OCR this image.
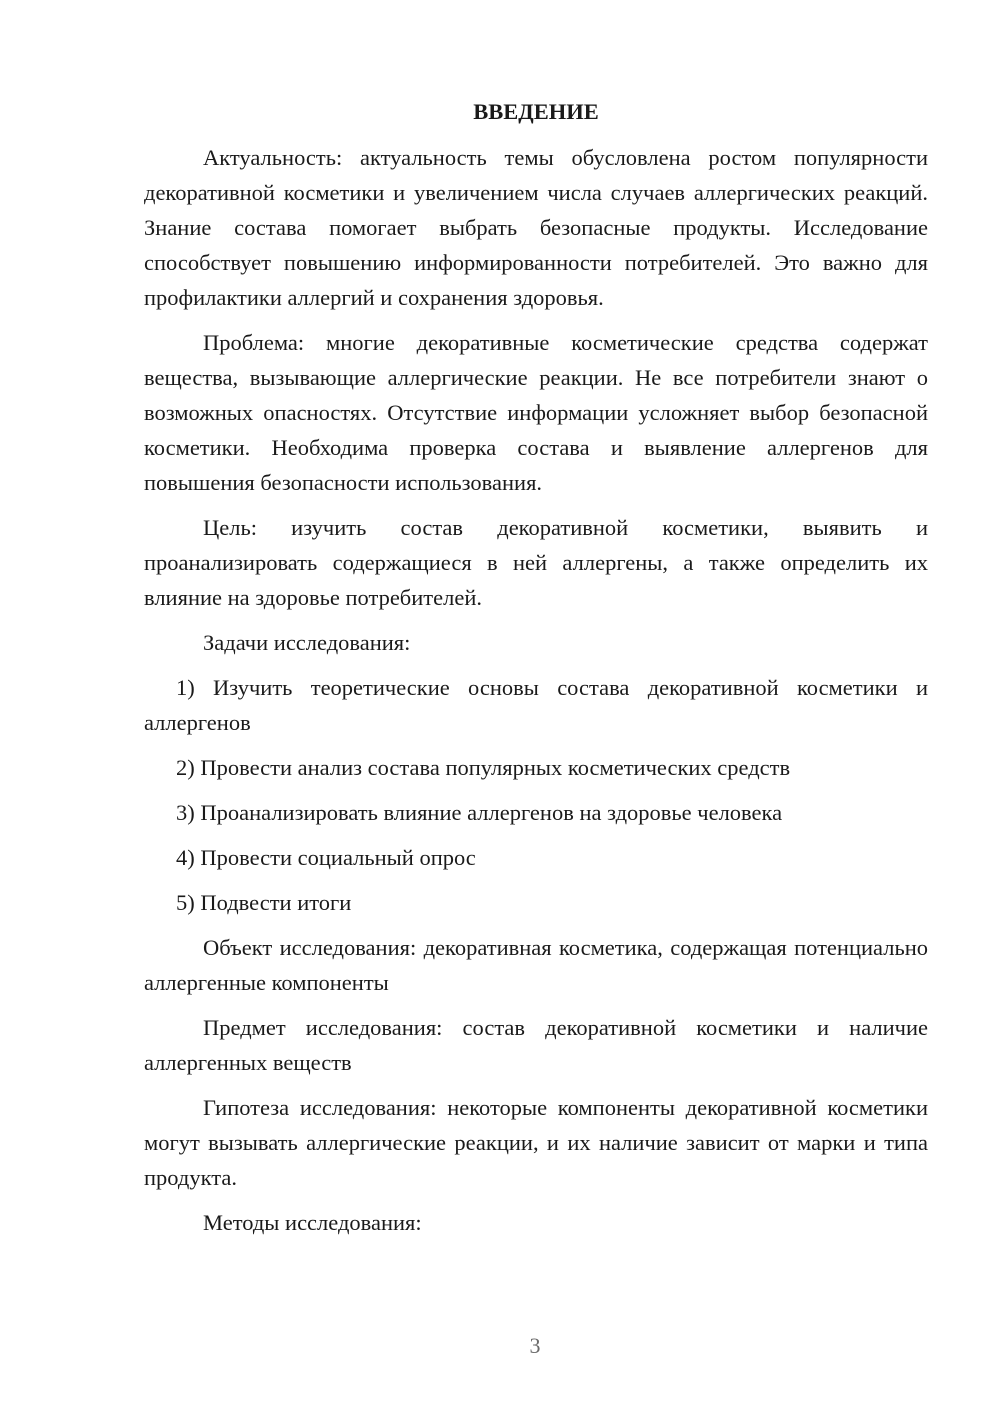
ВВЕДЕНИЕ

Актуальность: актуальность темы обусловлена ростом популярности декоративной косметики и увеличением числа случаев аллергических реакций. Знание состава помогает выбрать безопасные продукты. Исследование способствует повышению информированности потребителей. Это важно для профилактики аллергий и сохранения здоровья.

Проблема: многие декоративные косметические средства содержат вещества, вызывающие аллергические реакции. Не все потребители знают о возможных опасностях. Отсутствие информации усложняет выбор безопасной косметики. Необходима проверка состава и выявление аллергенов для повышения безопасности использования.

Цель: изучить состав декоративной косметики, выявить и проанализировать содержащиеся в ней аллергены, а также определить их влияние на здоровье потребителей.

Задачи исследования:

1) Изучить теоретические основы состава декоративной косметики и аллергенов

2) Провести анализ состава популярных косметических средств

3) Проанализировать влияние аллергенов на здоровье человека

4) Провести социальный опрос

5) Подвести итоги

Объект исследования: декоративная косметика, содержащая потенциально аллергенные компоненты

Предмет исследования: состав декоративной косметики и наличие аллергенных веществ

Гипотеза исследования: некоторые компоненты декоративной косметики могут вызывать аллергические реакции, и их наличие зависит от марки и типа продукта.

Методы исследования:

3
